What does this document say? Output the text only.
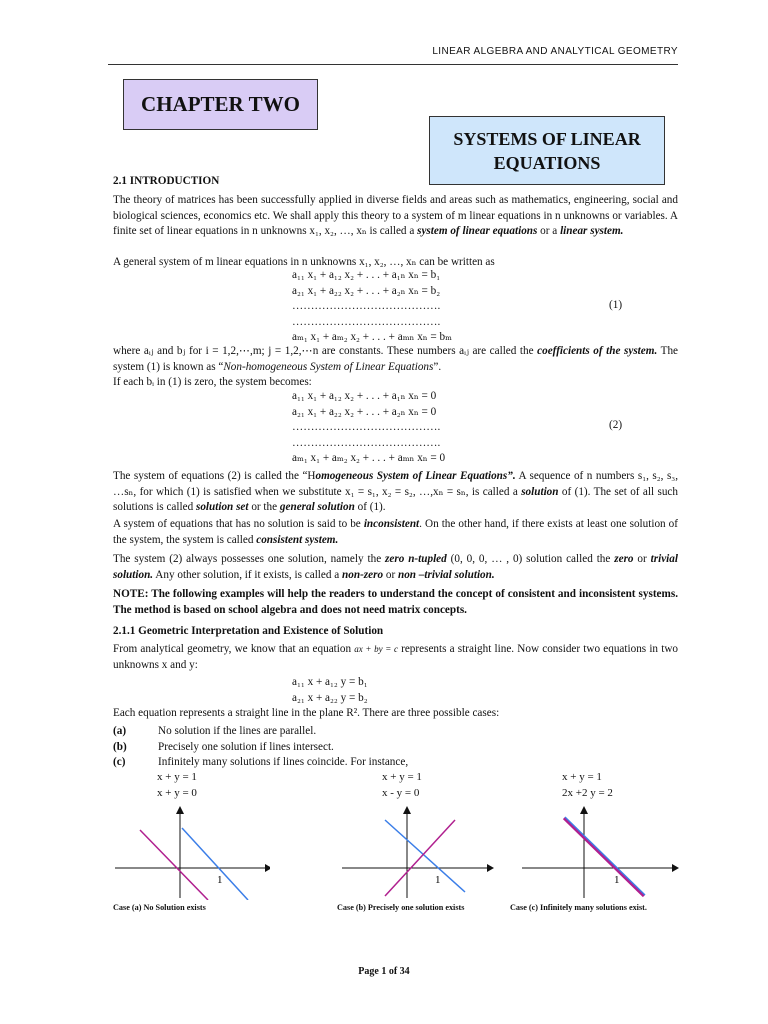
LINEAR ALGEBRA AND ANALYTICAL GEOMETRY
CHAPTER TWO
SYSTEMS OF LINEAR EQUATIONS
2.1 INTRODUCTION
The theory of matrices has been successfully applied in diverse fields and areas such as mathematics, engineering, social and biological sciences, economics etc. We shall apply this theory to a system of m linear equations in n unknowns or variables. A finite set of linear equations in n unknowns x₁, x₂, …, xₙ is called a system of linear equations or a linear system.
A general system of m linear equations in n unknowns x₁, x₂, …, xₙ can be written as
a₁₁ x₁ + a₁₂ x₂ + . . . + a₁ₙ xₙ = b₁
a₂₁ x₁ + a₂₂ x₂ + . . . + a₂ₙ xₙ = b₂
………………………………….
………………………………….
aₘ₁ x₁ + aₘ₂ x₂ + . . . + aₘₙ xₙ = bₘ
(1)
where aᵢⱼ and bⱼ for i = 1,2,⋯,m; j = 1,2,⋯n are constants. These numbers aᵢⱼ are called the coefficients of the system. The system (1) is known as “Non-homogeneous System of Linear Equations”.
If each bᵢ in (1) is zero, the system becomes:
a₁₁ x₁ + a₁₂ x₂ + . . . + a₁ₙ xₙ = 0
a₂₁ x₁ + a₂₂ x₂ + . . . + a₂ₙ xₙ = 0
………………………………….
………………………………….
aₘ₁ x₁ + aₘ₂ x₂ + . . . + aₘₙ xₙ = 0
(2)
The system of equations (2) is called the “Homogeneous System of Linear Equations”. A sequence of n numbers s₁, s₂, s₃, …sₙ, for which (1) is satisfied when we substitute x₁ = s₁, x₂ = s₂, …,xₙ = sₙ, is called a solution of (1). The set of all such solutions is called solution set or the general solution of (1).
A system of equations that has no solution is said to be inconsistent. On the other hand, if there exists at least one solution of the system, the system is called consistent system.
The system (2) always possesses one solution, namely the zero n-tupled (0, 0, 0, … , 0) solution called the zero or trivial solution. Any other solution, if it exists, is called a non-zero or non –trivial solution.
NOTE: The following examples will help the readers to understand the concept of consistent and inconsistent systems. The method is based on school algebra and does not need matrix concepts.
2.1.1 Geometric Interpretation and Existence of Solution
From analytical geometry, we know that an equation ax + by = c represents a straight line. Now consider two equations in two unknowns x and y:
a₁₁ x + a₁₂ y = b₁
a₂₁ x + a₂₂ y = b₂
Each equation represents a straight line in the plane R². There are three possible cases:
(a)	No solution if the lines are parallel.
(b)	Precisely one solution if lines intersect.
(c)	Infinitely many solutions if lines coincide. For instance,
x + y = 1
x + y = 0
x + y = 1
x - y = 0
x + y = 1
2x +2 y = 2
1
Case (a) No Solution exists
1
Case (b) Precisely one solution exists
1
Case (c) Infinitely many solutions exist.
Page 1 of 34
